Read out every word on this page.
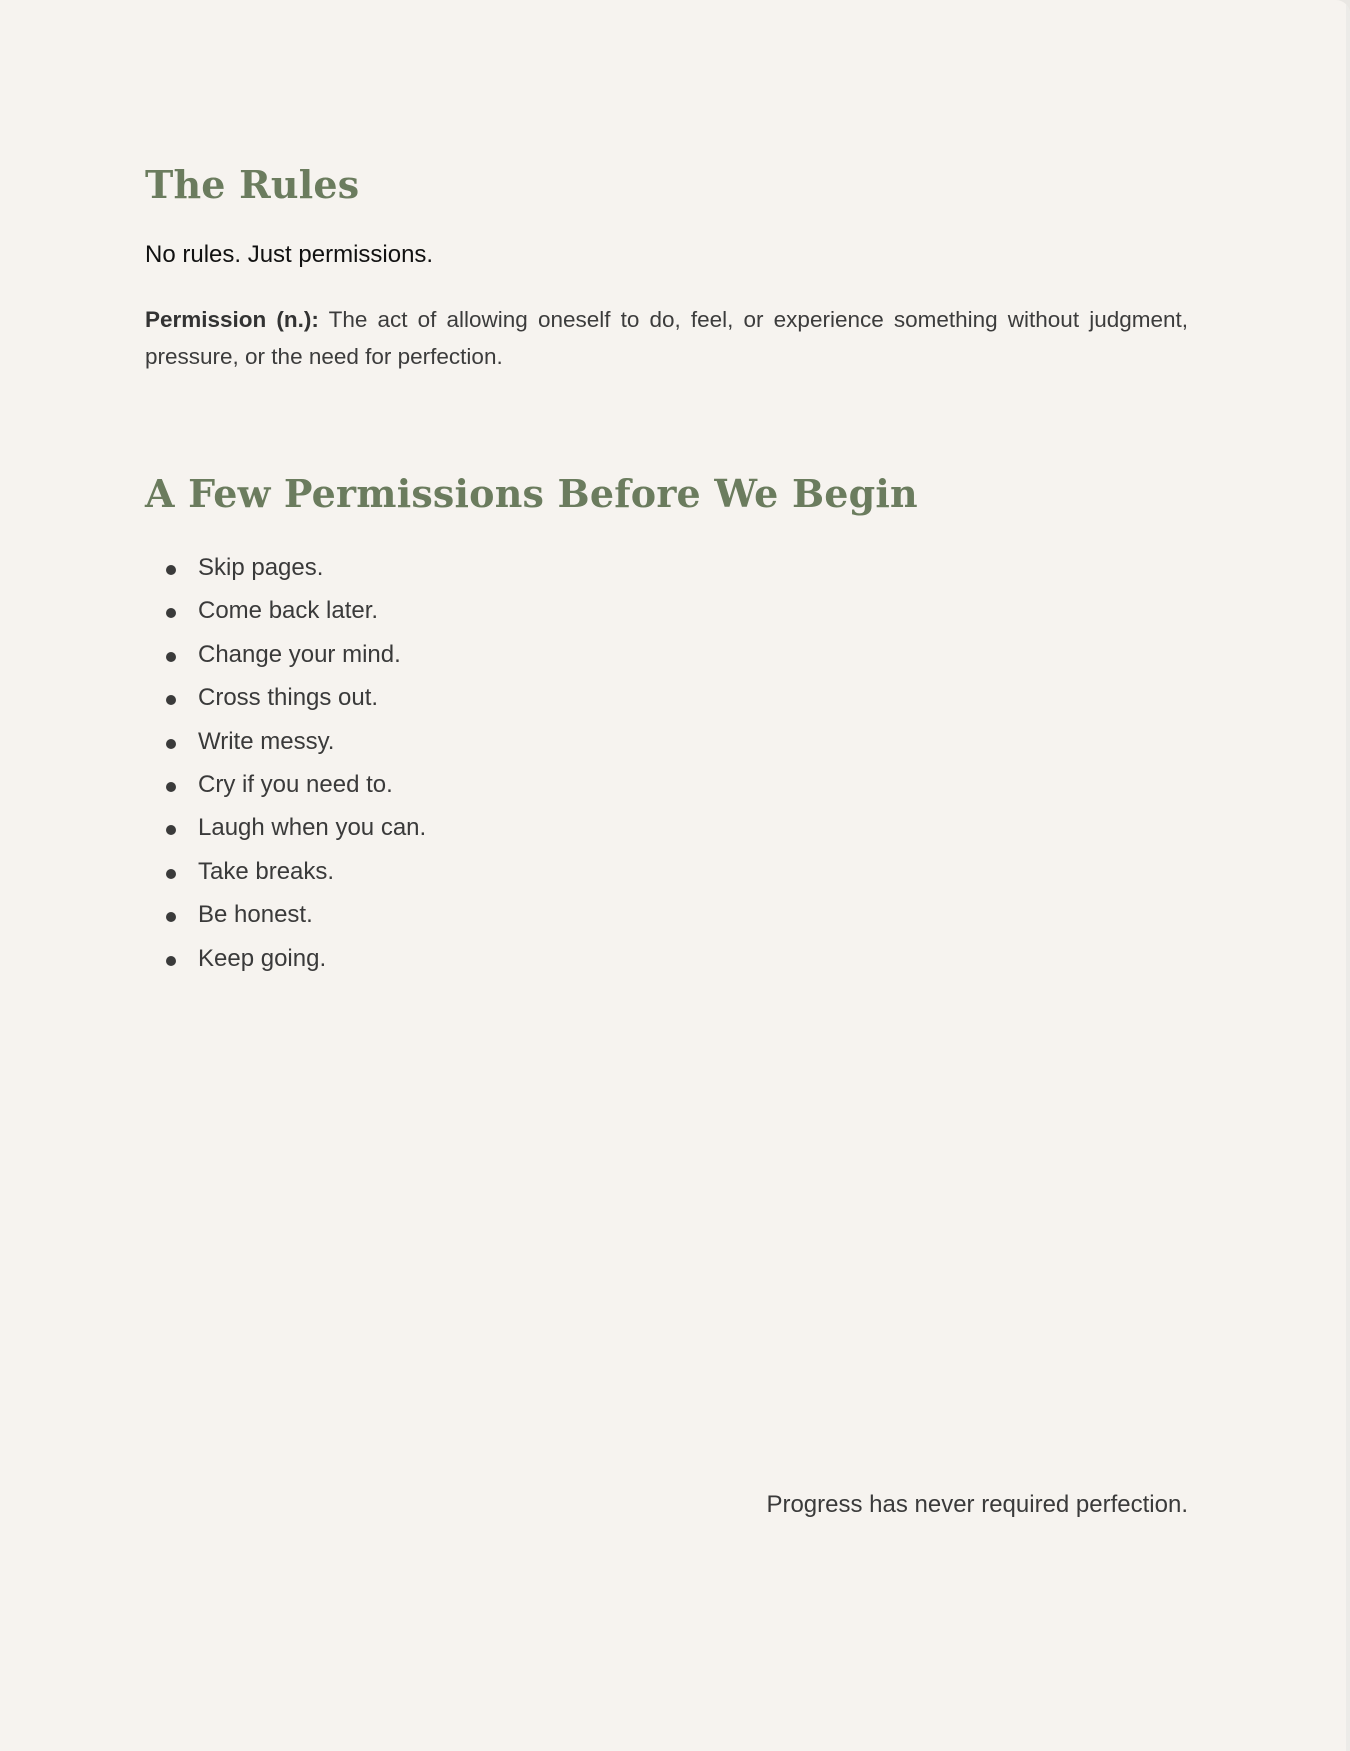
The Rules

No rules. Just permissions.

Permission (n.): The act of allowing oneself to do, feel, or experience something without judgment, pressure, or the need for perfection.

A Few Permissions Before We Begin
Skip pages.
Come back later.
Change your mind.
Cross things out.
Write messy.
Cry if you need to.
Laugh when you can.
Take breaks.
Be honest.
Keep going.

Progress has never required perfection.
